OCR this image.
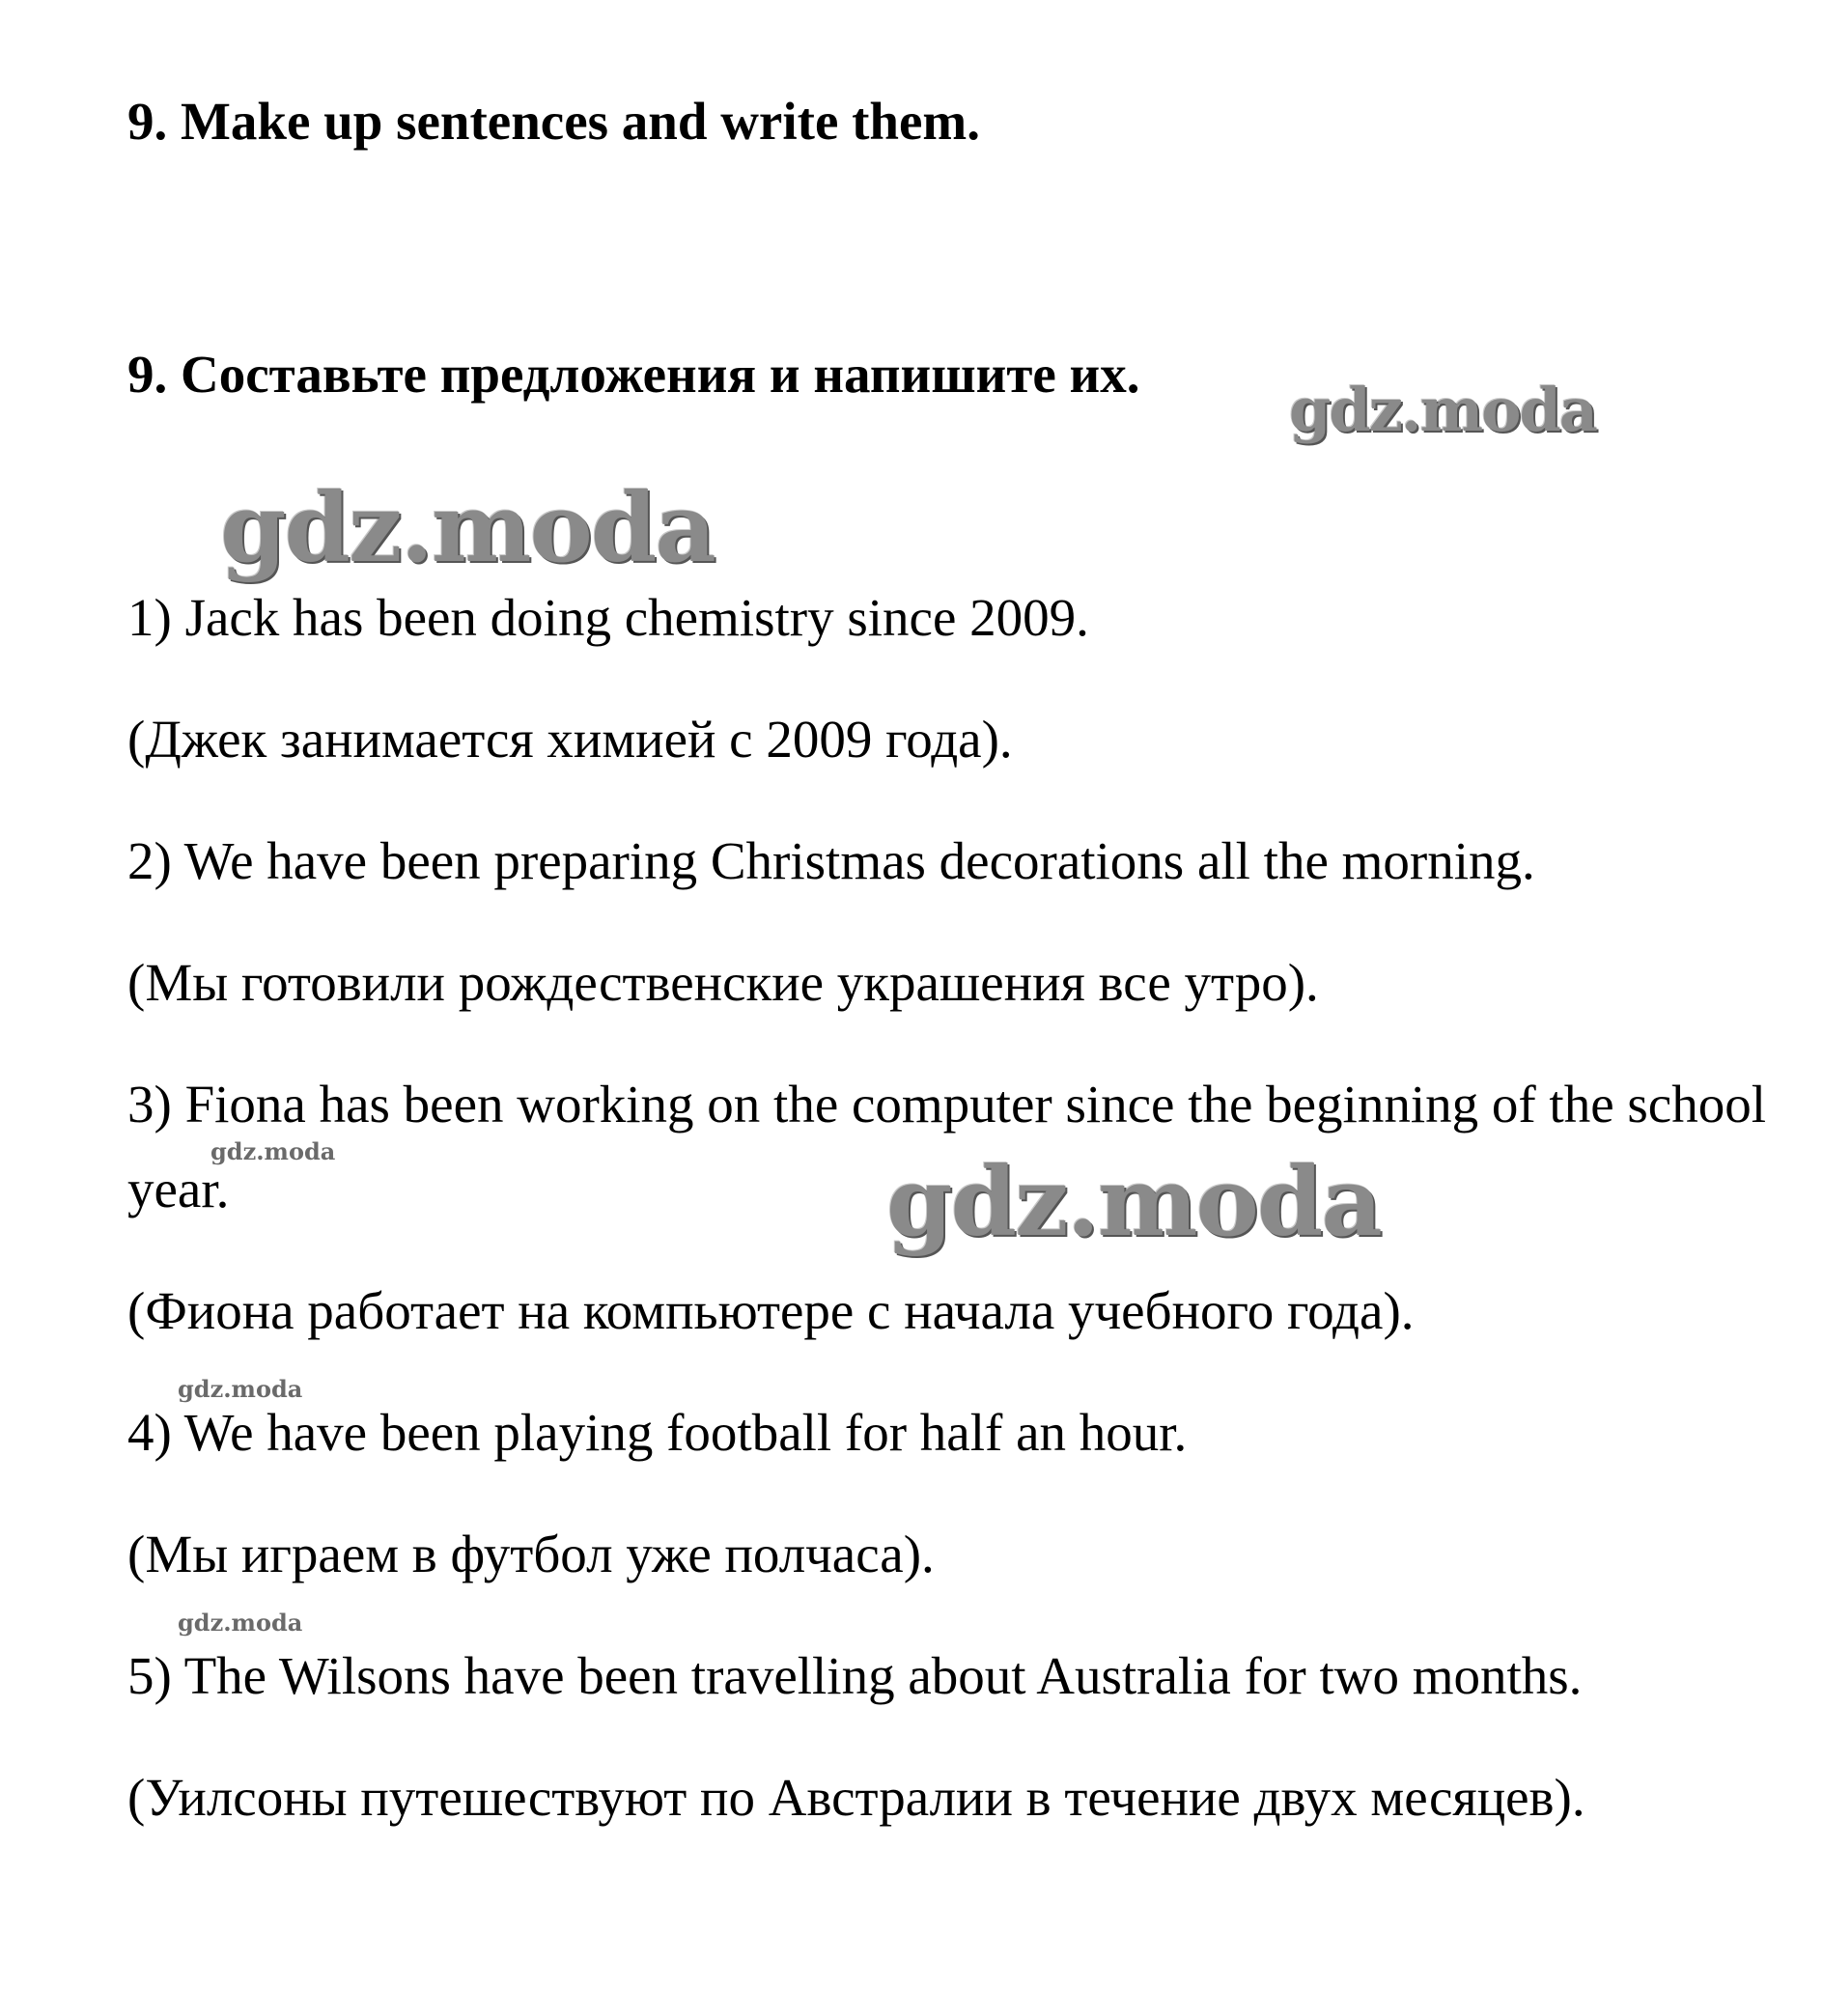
9. Make up sentences and write them.
9. Составьте предложения и напишите их.
gdz.moda
gdz.moda
gdz.moda
gdz.moda
gdz.moda
gdz.moda
1) Jack has been doing chemistry since 2009.
(Джек занимается химией с 2009 года).
2) We have been preparing Christmas decorations all the morning.
(Мы готовили рождественские украшения все утро).
3) Fiona has been working on the computer since the beginning of the school year.
(Фиона работает на компьютере с начала учебного года).
4) We have been playing football for half an hour.
(Мы играем в футбол уже полчаса).
5) The Wilsons have been travelling about Australia for two months.
(Уилсоны путешествуют по Австралии в течение двух месяцев).
